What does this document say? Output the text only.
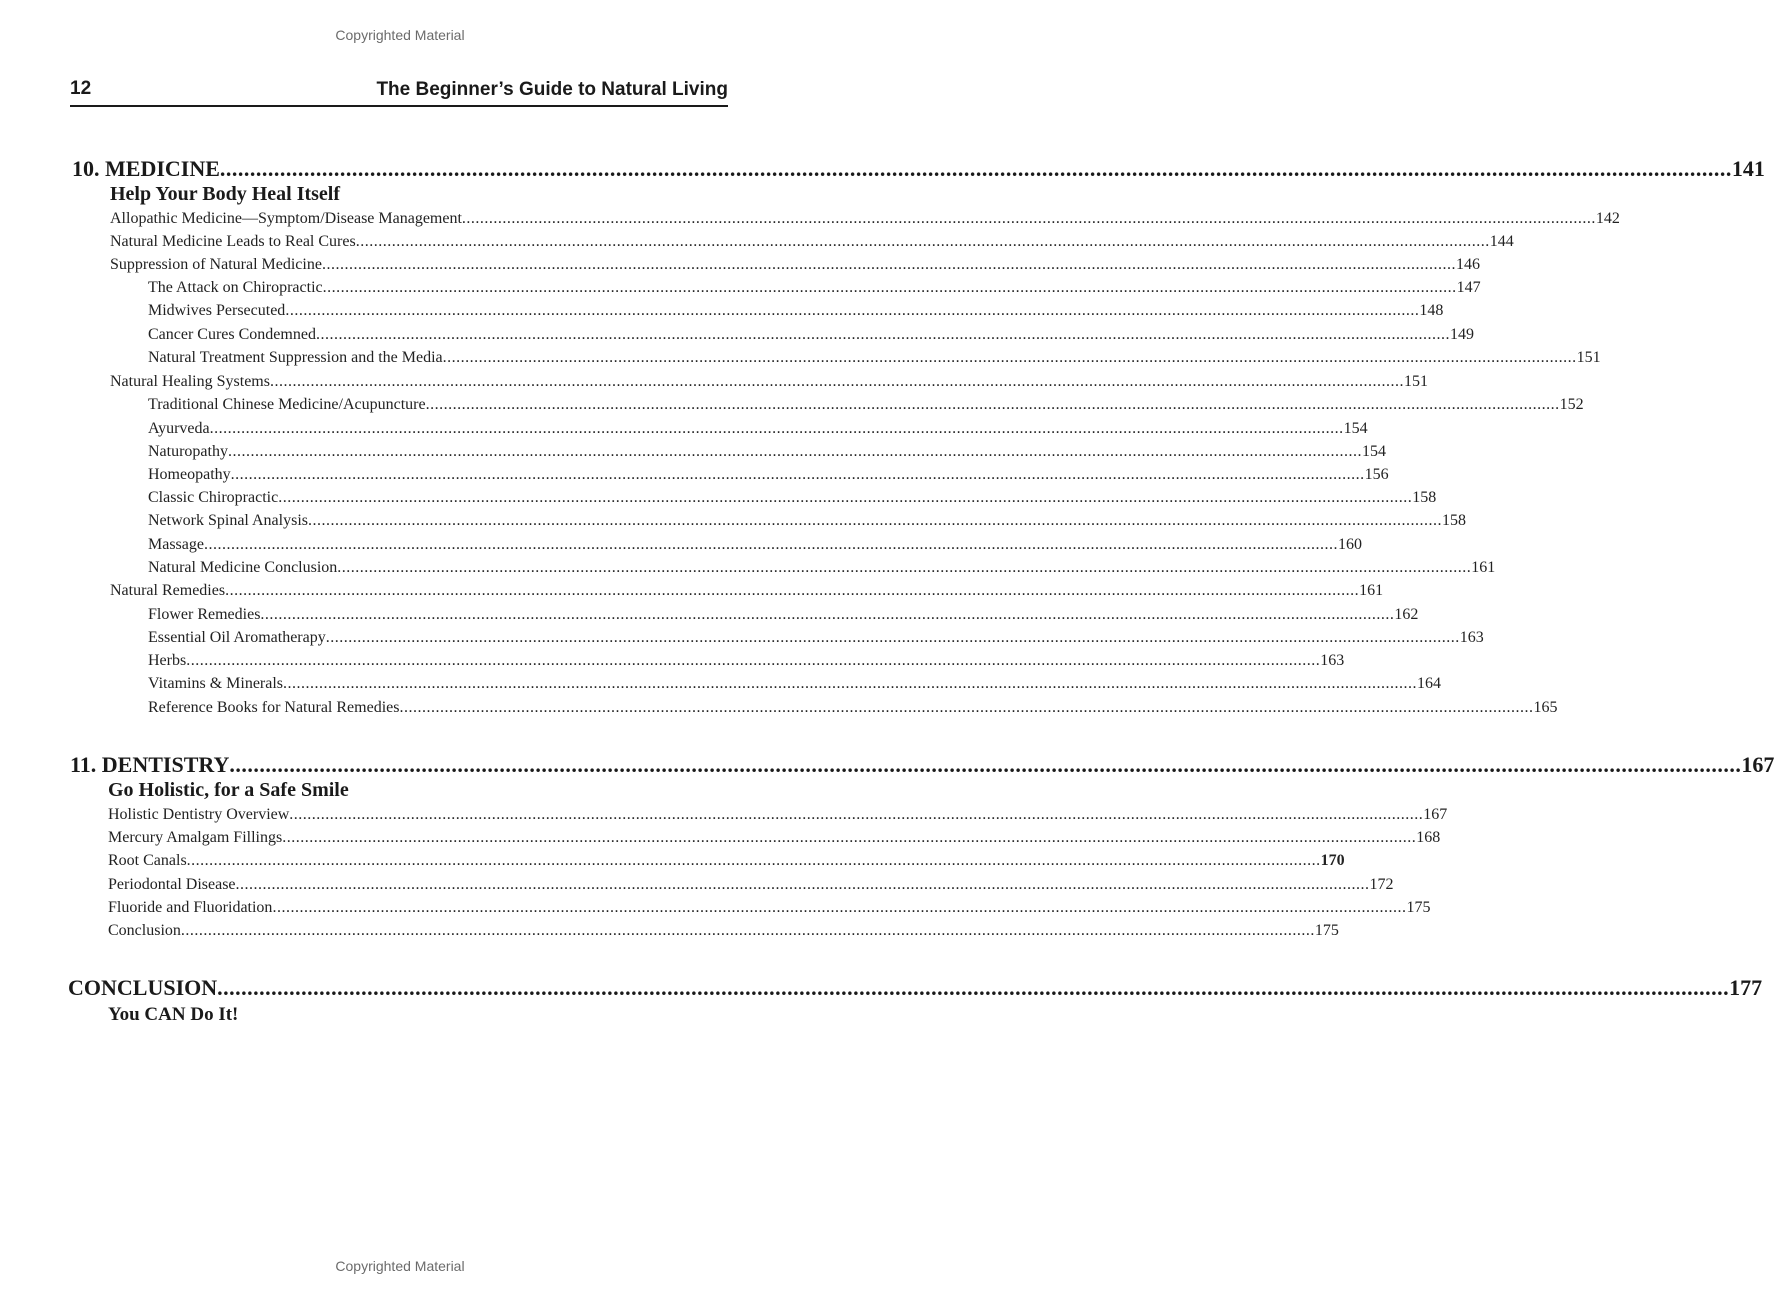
Copyrighted Material
12	The Beginner’s Guide to Natural Living
10. MEDICINE ............................................................................................................................................................................................................................................................ 141
Help Your Body Heal Itself
Allopathic Medicine—Symptom/Disease Management ............................................................................................................................................................................................................................................................ 142
Natural Medicine Leads to Real Cures ............................................................................................................................................................................................................................................................ 144
Suppression of Natural Medicine ............................................................................................................................................................................................................................................................ 146
The Attack on Chiropractic ............................................................................................................................................................................................................................................................ 147
Midwives Persecuted ............................................................................................................................................................................................................................................................ 148
Cancer Cures Condemned ............................................................................................................................................................................................................................................................ 149
Natural Treatment Suppression and the Media ............................................................................................................................................................................................................................................................ 151
Natural Healing Systems ............................................................................................................................................................................................................................................................ 151
Traditional Chinese Medicine/Acupuncture ............................................................................................................................................................................................................................................................ 152
Ayurveda ............................................................................................................................................................................................................................................................ 154
Naturopathy ............................................................................................................................................................................................................................................................ 154
Homeopathy ............................................................................................................................................................................................................................................................ 156
Classic Chiropractic ............................................................................................................................................................................................................................................................ 158
Network Spinal Analysis ............................................................................................................................................................................................................................................................ 158
Massage ............................................................................................................................................................................................................................................................ 160
Natural Medicine Conclusion ............................................................................................................................................................................................................................................................ 161
Natural Remedies ............................................................................................................................................................................................................................................................ 161
Flower Remedies ............................................................................................................................................................................................................................................................ 162
Essential Oil Aromatherapy ............................................................................................................................................................................................................................................................ 163
Herbs ............................................................................................................................................................................................................................................................ 163
Vitamins & Minerals ............................................................................................................................................................................................................................................................ 164
Reference Books for Natural Remedies ............................................................................................................................................................................................................................................................ 165
11. DENTISTRY ............................................................................................................................................................................................................................................................ 167
Go Holistic, for a Safe Smile
Holistic Dentistry Overview ............................................................................................................................................................................................................................................................ 167
Mercury Amalgam Fillings ............................................................................................................................................................................................................................................................ 168
Root Canals ............................................................................................................................................................................................................................................................ 170
Periodontal Disease ............................................................................................................................................................................................................................................................ 172
Fluoride and Fluoridation ............................................................................................................................................................................................................................................................ 175
Conclusion ............................................................................................................................................................................................................................................................ 175
CONCLUSION ............................................................................................................................................................................................................................................................ 177
You CAN Do It!
Copyrighted Material
